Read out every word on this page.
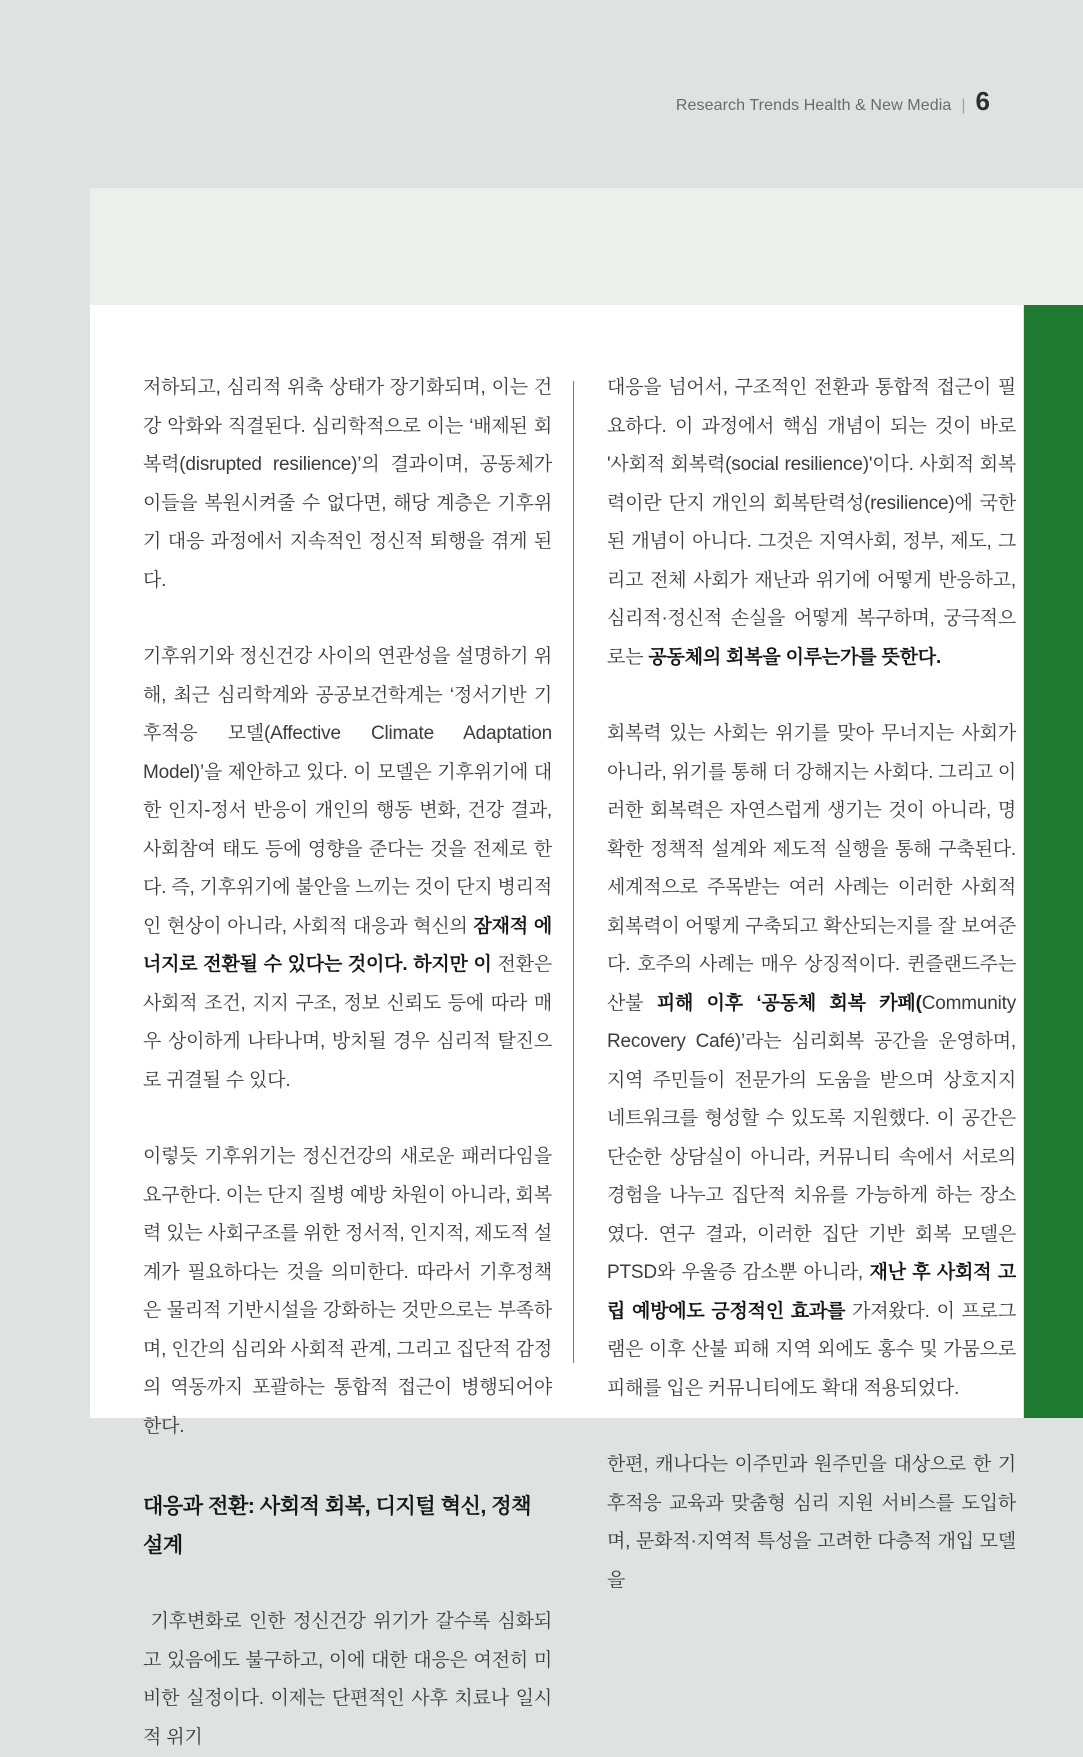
Research Trends Health & New Media | 6

저하되고, 심리적 위축 상태가 장기화되며, 이는 건강 악화와 직결된다. 심리학적으로 이는 ‘배제된 회복력(disrupted resilience)’의 결과이며, 공동체가 이들을 복원시켜줄 수 없다면, 해당 계층은 기후위기 대응 과정에서 지속적인 정신적 퇴행을 겪게 된다.

기후위기와 정신건강 사이의 연관성을 설명하기 위해, 최근 심리학계와 공공보건학계는 ‘정서기반 기후적응 모델(Affective Climate Adaptation Model)’을 제안하고 있다. 이 모델은 기후위기에 대한 인지-정서 반응이 개인의 행동 변화, 건강 결과, 사회참여 태도 등에 영향을 준다는 것을 전제로 한다. 즉, 기후위기에 불안을 느끼는 것이 단지 병리적인 현상이 아니라, 사회적 대응과 혁신의 잠재적 에너지로 전환될 수 있다는 것이다. 하지만 이 전환은 사회적 조건, 지지 구조, 정보 신뢰도 등에 따라 매우 상이하게 나타나며, 방치될 경우 심리적 탈진으로 귀결될 수 있다.

이렇듯 기후위기는 정신건강의 새로운 패러다임을 요구한다. 이는 단지 질병 예방 차원이 아니라, 회복력 있는 사회구조를 위한 정서적, 인지적, 제도적 설계가 필요하다는 것을 의미한다. 따라서 기후정책은 물리적 기반시설을 강화하는 것만으로는 부족하며, 인간의 심리와 사회적 관계, 그리고 집단적 감정의 역동까지 포괄하는 통합적 접근이 병행되어야 한다.

대응과 전환: 사회적 회복, 디지털 혁신, 정책 설계

기후변화로 인한 정신건강 위기가 갈수록 심화되고 있음에도 불구하고, 이에 대한 대응은 여전히 미비한 실정이다. 이제는 단편적인 사후 치료나 일시적 위기

대응을 넘어서, 구조적인 전환과 통합적 접근이 필요하다. 이 과정에서 핵심 개념이 되는 것이 바로 '사회적 회복력(social resilience)'이다. 사회적 회복력이란 단지 개인의 회복탄력성(resilience)에 국한된 개념이 아니다. 그것은 지역사회, 정부, 제도, 그리고 전체 사회가 재난과 위기에 어떻게 반응하고, 심리적·정신적 손실을 어떻게 복구하며, 궁극적으로는 공동체의 회복을 이루는가를 뜻한다.

회복력 있는 사회는 위기를 맞아 무너지는 사회가 아니라, 위기를 통해 더 강해지는 사회다. 그리고 이러한 회복력은 자연스럽게 생기는 것이 아니라, 명확한 정책적 설계와 제도적 실행을 통해 구축된다. 세계적으로 주목받는 여러 사례는 이러한 사회적 회복력이 어떻게 구축되고 확산되는지를 잘 보여준다. 호주의 사례는 매우 상징적이다. 퀸즐랜드주는 산불 피해 이후 ‘공동체 회복 카페(Community Recovery Café)’라는 심리회복 공간을 운영하며, 지역 주민들이 전문가의 도움을 받으며 상호지지 네트워크를 형성할 수 있도록 지원했다. 이 공간은 단순한 상담실이 아니라, 커뮤니티 속에서 서로의 경험을 나누고 집단적 치유를 가능하게 하는 장소였다. 연구 결과, 이러한 집단 기반 회복 모델은 PTSD와 우울증 감소뿐 아니라, 재난 후 사회적 고립 예방에도 긍정적인 효과를 가져왔다. 이 프로그램은 이후 산불 피해 지역 외에도 홍수 및 가뭄으로 피해를 입은 커뮤니티에도 확대 적용되었다.

한편, 캐나다는 이주민과 원주민을 대상으로 한 기후적응 교육과 맞춤형 심리 지원 서비스를 도입하며, 문화적·지역적 특성을 고려한 다층적 개입 모델을
